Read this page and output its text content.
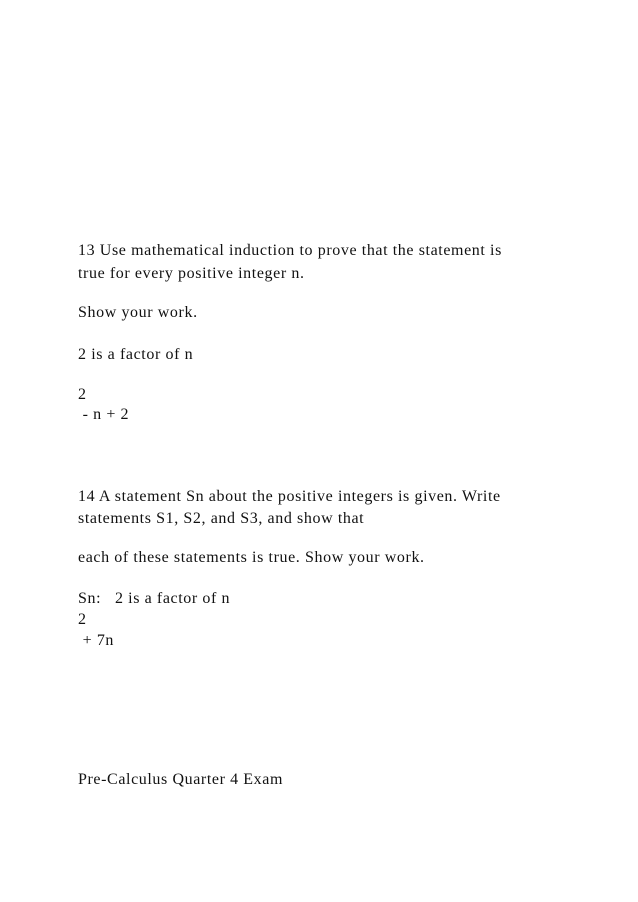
13 Use mathematical induction to prove that the statement is
true for every positive integer n.
Show your work.
2 is a factor of n
2
- n + 2
14 A statement Sn about the positive integers is given. Write
statements S1, S2, and S3, and show that
each of these statements is true. Show your work.
Sn:   2 is a factor of n
2
+ 7n
Pre-Calculus Quarter 4 Exam
